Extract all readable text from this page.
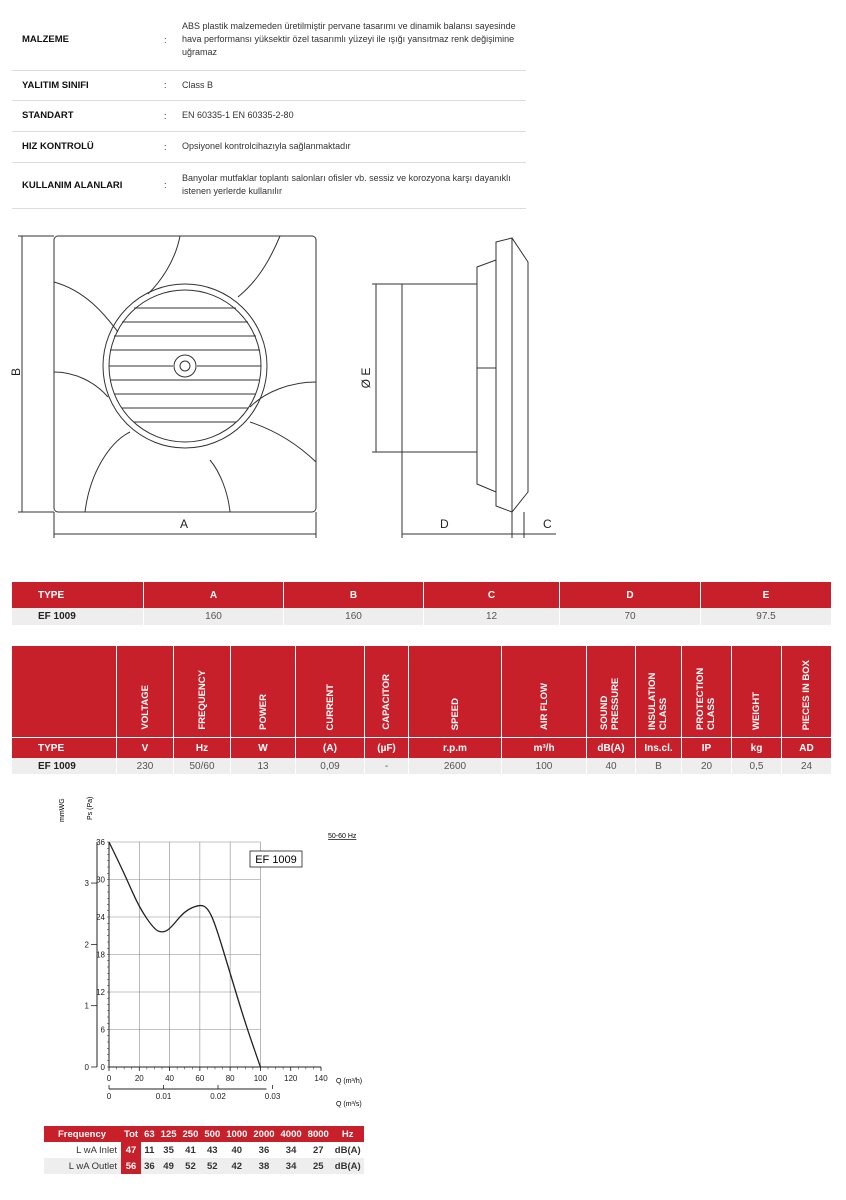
MALZEME	:	ABS plastik malzemeden üretilmiştir pervane tasarımı ve dinamik balansı sayesinde hava performansı yüksektir özel tasarımlı yüzeyi ile ışığı yansıtmaz renk değişimine uğramaz
YALITIM SINIFI	:	Class B
STANDART	:	EN 60335-1 EN 60335-2-80
HIZ KONTROLÜ	:	Opsiyonel kontrolcihazıyla sağlanmaktadır
KULLANIM ALANLARI	:	Banyolar mutfaklar toplantı salonları ofisler vb. sessiz ve korozyona karşı dayanıklı istenen yerlerde kullanılır
A
B
C
D
Ø E
TYPE	A	B	C	D	E
EF 1009	160	160	12	70	97.5
	VOLTAGE	FREQUENCY	POWER	CURRENT	CAPACITOR	SPEED	AIR FLOW	SOUND PRESSURE	INSULATION CLASS	PROTECTION CLASS	WEIGHT	PIECES IN BOX
TYPE	V	Hz	W	(A)	(µF)	r.p.m	m³/h	dB(A)	Ins.cl.	IP	kg	AD
EF 1009	230	50/60	13	0,09	-	2600	100	40	B	20	0,5	24
0	20	40	60	80 100 120 140
0
6
12
18
24
30
36
0
1
2
3
0	0.01	0.02	0.03
Ps (Pa)
mmWG
50-60 Hz
EF 1009
Q (m³/h)
Q (m³/s)
Frequency	Tot	63	125	250	500	1000	2000	4000	8000	Hz
L wA Inlet	47	11	35	41	43	40	36	34	27	dB(A)
L wA Outlet	56	36	49	52	52	42	38	34	25	dB(A)
